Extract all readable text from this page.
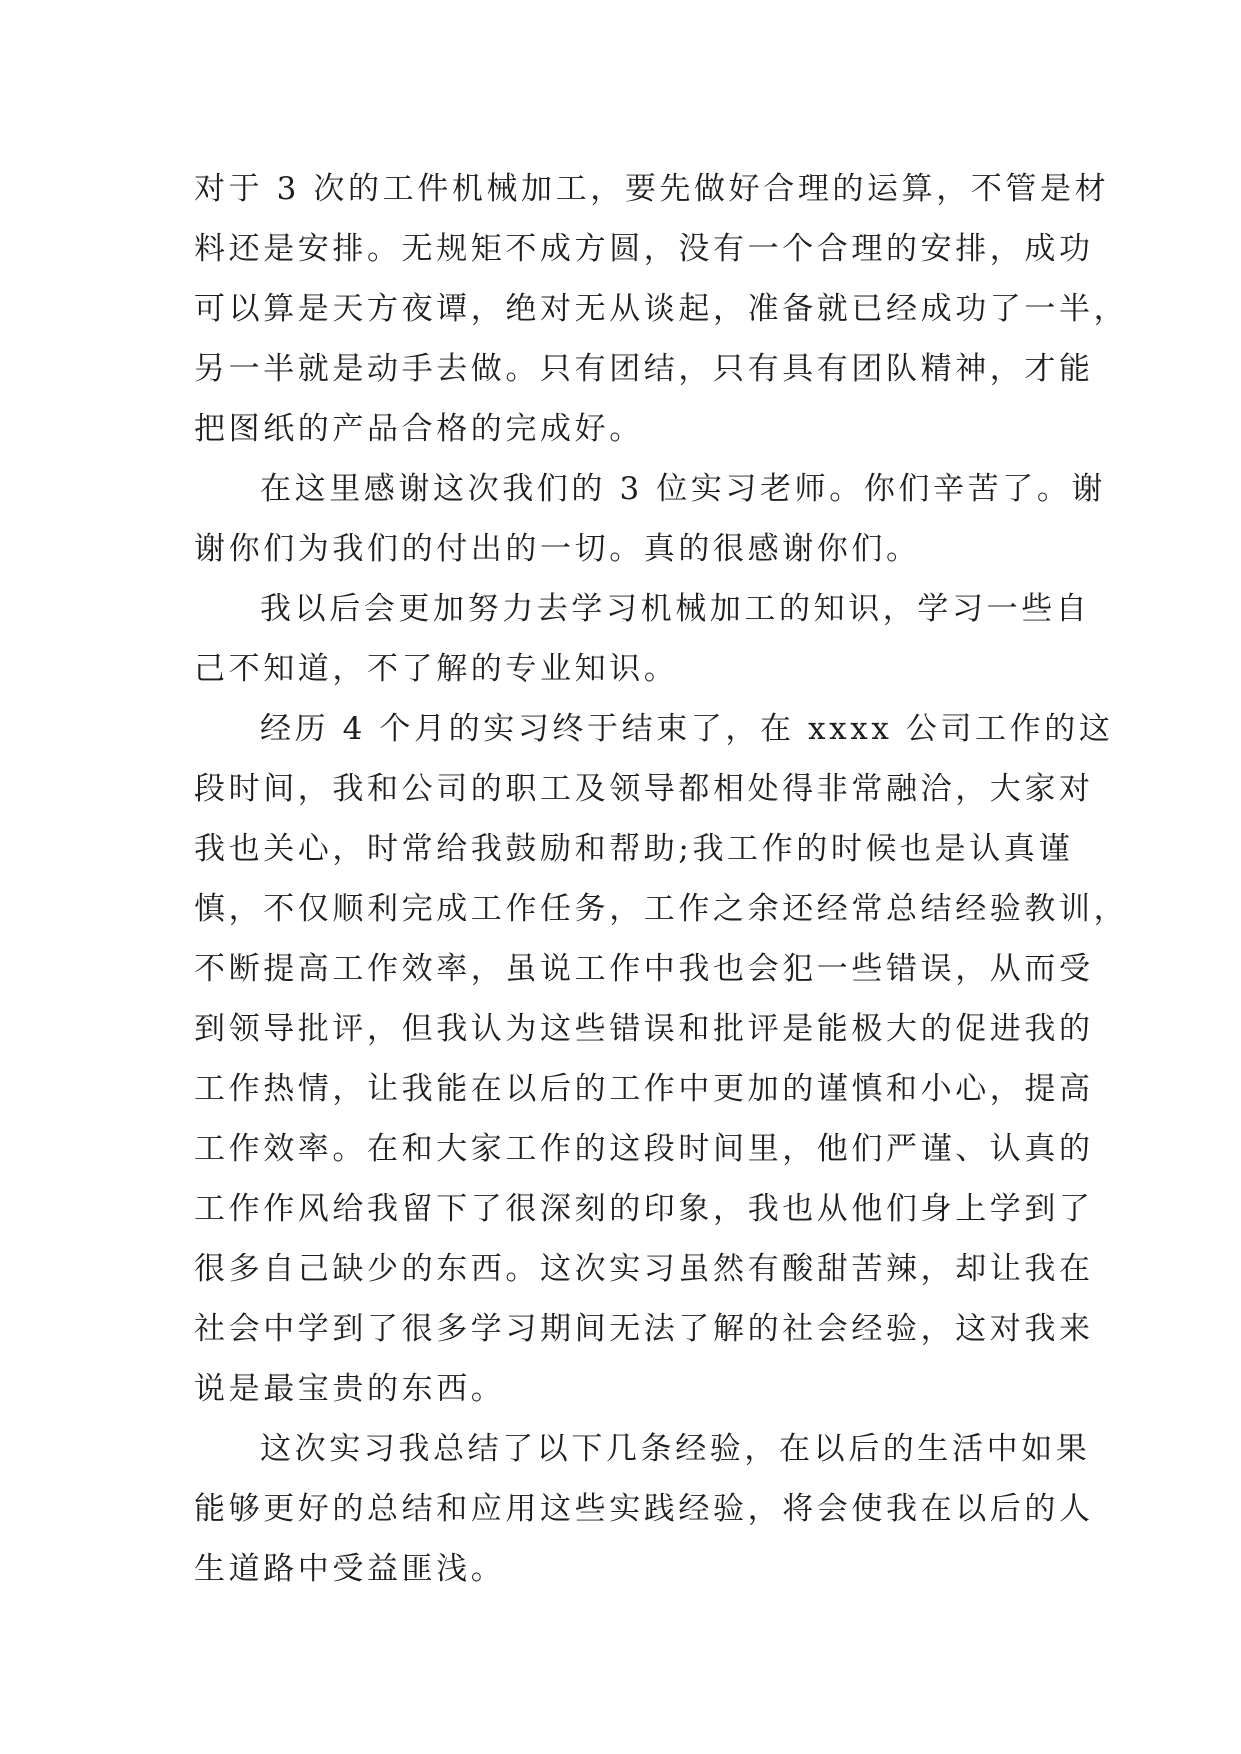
对于 3 次的工件机械加工，要先做好合理的运算，不管是材
料还是安排。无规矩不成方圆，没有一个合理的安排，成功
可以算是天方夜谭，绝对无从谈起，准备就已经成功了一半，
另一半就是动手去做。只有团结，只有具有团队精神，才能
把图纸的产品合格的完成好。
在这里感谢这次我们的 3 位实习老师。你们辛苦了。谢
谢你们为我们的付出的一切。真的很感谢你们。
我以后会更加努力去学习机械加工的知识，学习一些自
己不知道，不了解的专业知识。
经历 4 个月的实习终于结束了，在 xxxx 公司工作的这
段时间，我和公司的职工及领导都相处得非常融洽，大家对
我也关心，时常给我鼓励和帮助;我工作的时候也是认真谨
慎，不仅顺利完成工作任务，工作之余还经常总结经验教训，
不断提高工作效率，虽说工作中我也会犯一些错误，从而受
到领导批评，但我认为这些错误和批评是能极大的促进我的
工作热情，让我能在以后的工作中更加的谨慎和小心，提高
工作效率。在和大家工作的这段时间里，他们严谨、认真的
工作作风给我留下了很深刻的印象，我也从他们身上学到了
很多自己缺少的东西。这次实习虽然有酸甜苦辣，却让我在
社会中学到了很多学习期间无法了解的社会经验，这对我来
说是最宝贵的东西。
这次实习我总结了以下几条经验，在以后的生活中如果
能够更好的总结和应用这些实践经验，将会使我在以后的人
生道路中受益匪浅。
